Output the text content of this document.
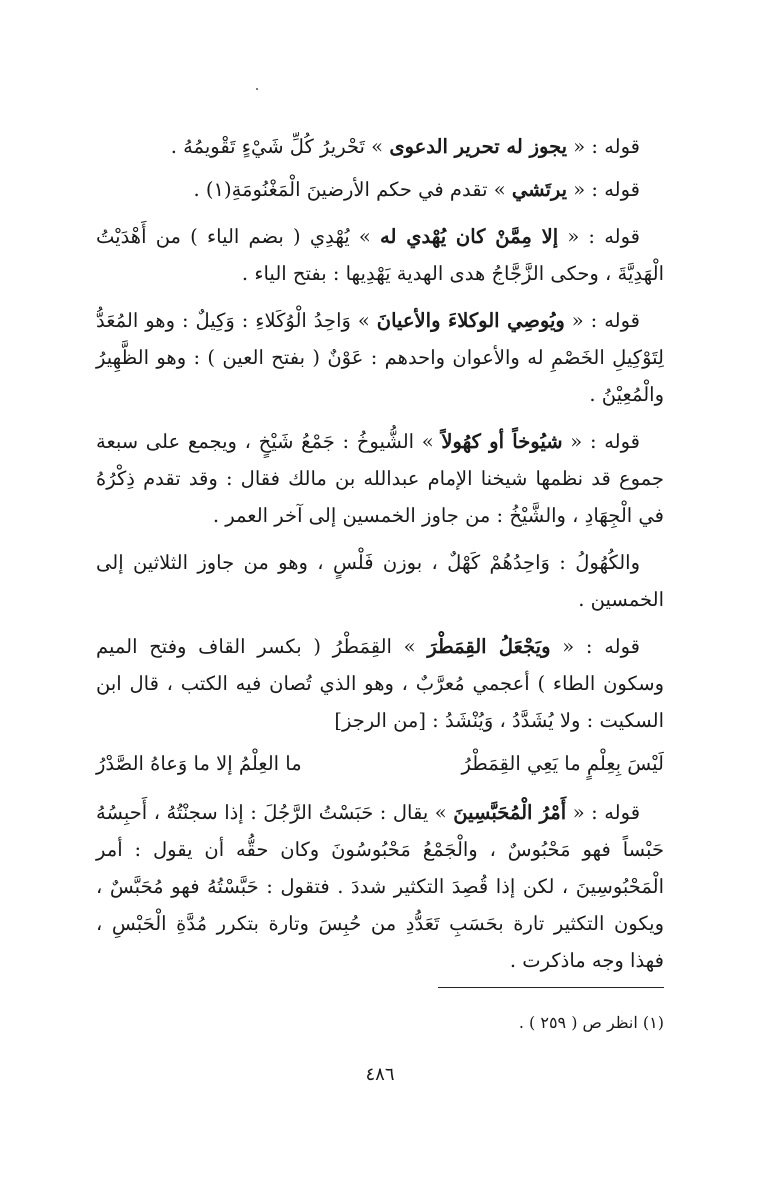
قوله : « يجوز له تحرير الدعوى » تَحْريرُ كُلِّ شَيْءٍ تَقْويمُهُ .

قوله : « يرتَشي » تقدم في حكم الأرضينَ الْمَغْنُومَةِ(١) .

قوله : « إلا مِمَّنْ كان يُهْدي له » يُهْدِي ( بضم الياء ) من أَهْدَيْتُ الْهَدِيَّةَ ، وحكى الزَّجَّاجُ هدى الهدية يَهْدِيها : بفتح الياء .

قوله : « ويُوصِي الوكلاءَ والأعيانَ » وَاحِدُ الْوُكَلاءِ : وَكِيلٌ : وهو المُعَدُّ لِتَوْكِيلِ الخَصْمِ له والأعوان واحدهم : عَوْنٌ ( بفتح العين ) : وهو الظَّهِيرُ والْمُعِيْنُ .

قوله : « شيُوخاً أو كهُولاً » الشُّيوخُ : جَمْعُ شَيْخٍ ، ويجمع على سبعة جموع قد نظمها شيخنا الإمام عبدالله بن مالك فقال : وقد تقدم ذِكْرُهُ في الْجِهَادِ ، والشَّيْخُ : من جاوز الخمسين إلى آخر العمر .

والكُهُولُ : وَاحِدُهُمْ كَهْلٌ ، بوزن فَلْسٍ ، وهو من جاوز الثلاثين إلى الخمسين .

قوله : « ويَجْعَلُ القِمَطْرَ » القِمَطْرُ ( بكسر القاف وفتح الميم وسكون الطاء ) أعجمي مُعرَّبٌ ، وهو الذي تُصان فيه الكتب ، قال ابن السكيت : ولا يُشَدَّدُ ، وَيُنْشَدُ : [من الرجز]

لَيْسَ بِعِلْمٍ ما يَعِي القِمَطْرُ
ما العِلْمُ إلا ما وَعاهُ الصَّدْرُ

قوله : « أَمْرُ الْمُحَبَّسِينَ » يقال : حَبَسْتُ الرَّجُلَ : إذا سجنْتُهُ ، أَحبِسُهُ حَبْساً فهو مَحْبُوسٌ ، والْجَمْعُ مَحْبُوسُونَ وكان حقُّه أن يقول : أمر الْمَحْبُوسِينَ ، لكن إذا قُصِدَ التكثير شددَ . فتقول : حَبَّسْتُهُ فهو مُحَبَّسٌ ، ويكون التكثير تارة بحَسَبِ تَعَدُّدِ من حُبِسَ وتارة بتكرر مُدَّةِ الْحَبْسِ ، فهذا وجه ماذكرت .

(١) انظر ص ( ٢٥٩ ) .
٤٨٦
